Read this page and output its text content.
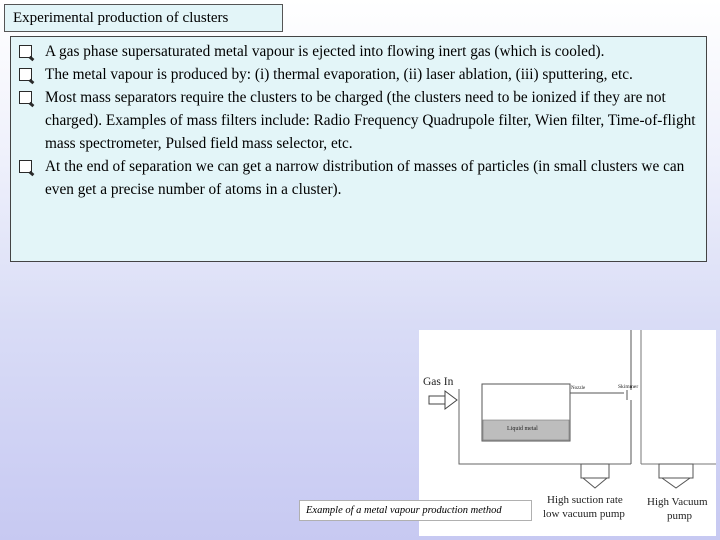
Experimental production of clusters
A gas phase supersaturated metal vapour is ejected into flowing inert gas (which is cooled).
The metal vapour is produced by: (i) thermal evaporation, (ii) laser ablation, (iii) sputtering, etc.
Most mass separators require the clusters to be charged (the clusters need to be ionized if they are not charged). Examples of mass filters include: Radio Frequency Quadrupole filter, Wien filter, Time-of-flight mass spectrometer, Pulsed field mass selector, etc.
At the end of separation we can get a narrow distribution of masses of particles (in small clusters we can even get a precise number of atoms in a cluster).
Gas In
Nozzle	Skimmer
Liquid metal
High suction rate
low vacuum pump
High Vacuum
pump
Example of a metal vapour production method
